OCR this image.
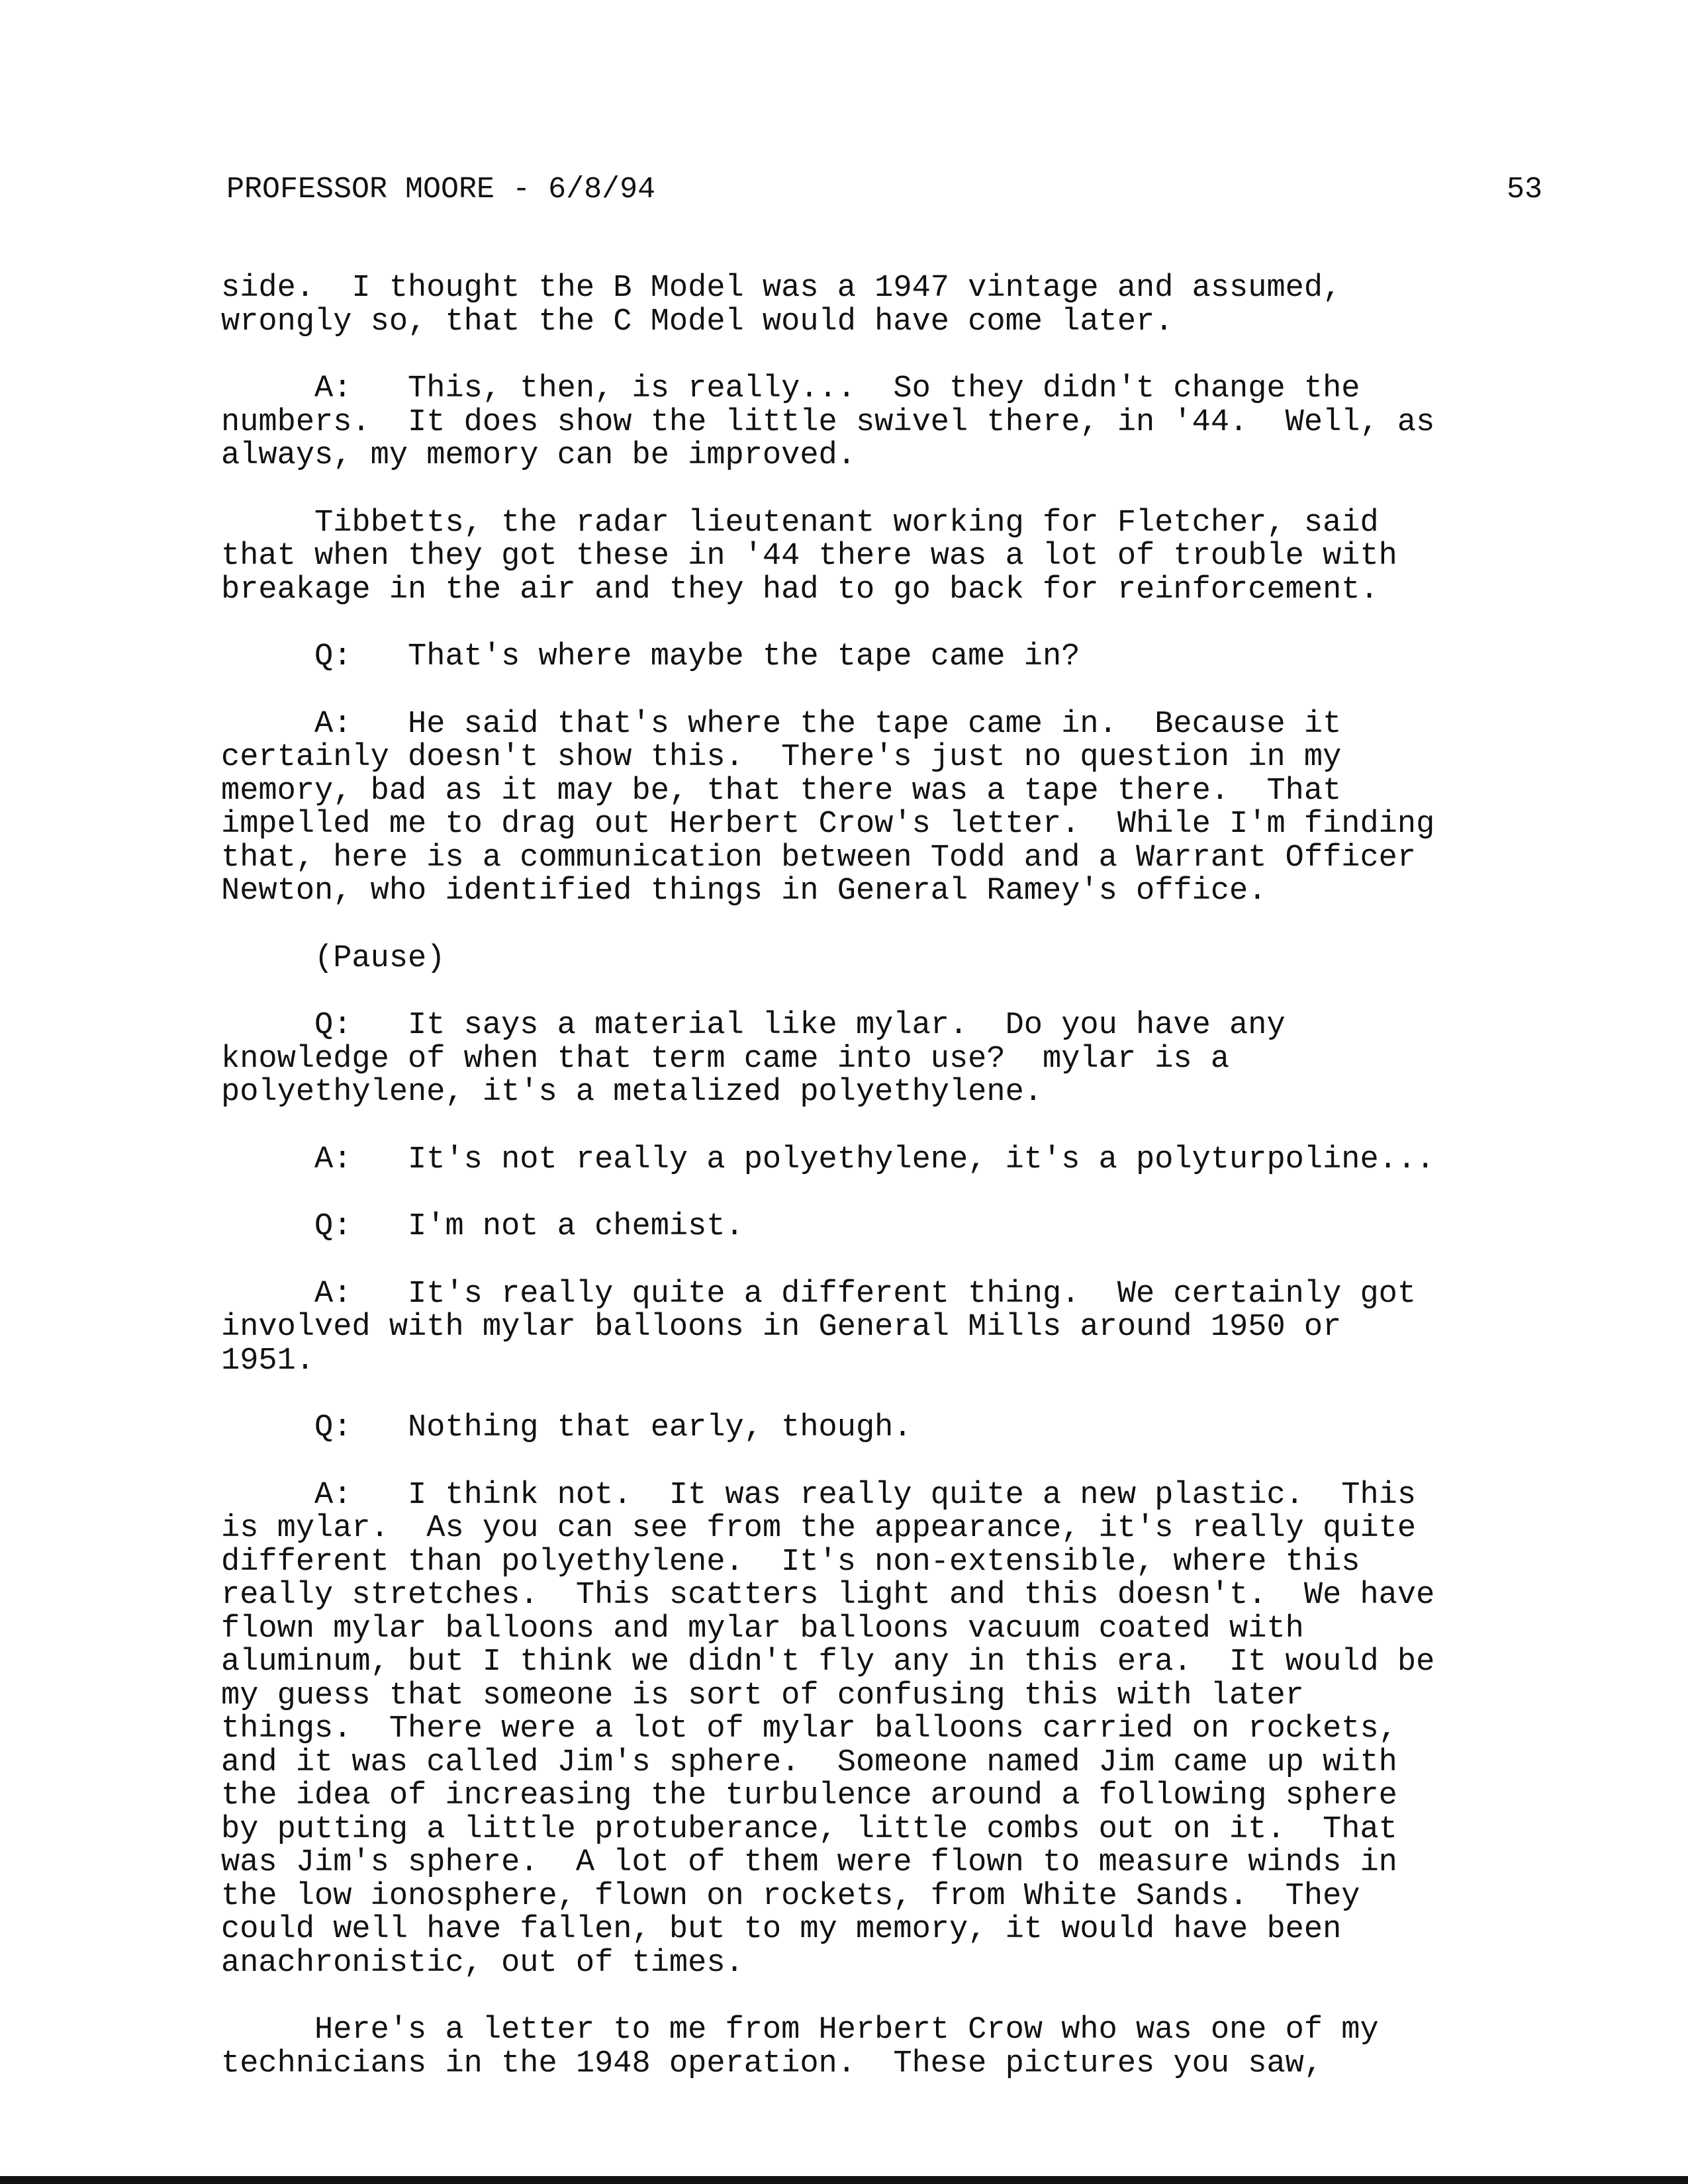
PROFESSOR MOORE - 6/8/94	53
side.  I thought the B Model was a 1947 vintage and assumed,
wrongly so, that the C Model would have come later.
A:   This, then, is really...  So they didn't change the
numbers.  It does show the little swivel there, in '44.  Well, as
always, my memory can be improved.
Tibbetts, the radar lieutenant working for Fletcher, said
that when they got these in '44 there was a lot of trouble with
breakage in the air and they had to go back for reinforcement.
Q:   That's where maybe the tape came in?
A:   He said that's where the tape came in.  Because it
certainly doesn't show this.  There's just no question in my
memory, bad as it may be, that there was a tape there.  That
impelled me to drag out Herbert Crow's letter.  While I'm finding
that, here is a communication between Todd and a Warrant Officer
Newton, who identified things in General Ramey's office.
(Pause)
Q:   It says a material like mylar.  Do you have any
knowledge of when that term came into use?  mylar is a
polyethylene, it's a metalized polyethylene.
A:   It's not really a polyethylene, it's a polyturpoline...
Q:   I'm not a chemist.
A:   It's really quite a different thing.  We certainly got
involved with mylar balloons in General Mills around 1950 or
1951.
Q:   Nothing that early, though.
A:   I think not.  It was really quite a new plastic.  This
is mylar.  As you can see from the appearance, it's really quite
different than polyethylene.  It's non-extensible, where this
really stretches.  This scatters light and this doesn't.  We have
flown mylar balloons and mylar balloons vacuum coated with
aluminum, but I think we didn't fly any in this era.  It would be
my guess that someone is sort of confusing this with later
things.  There were a lot of mylar balloons carried on rockets,
and it was called Jim's sphere.  Someone named Jim came up with
the idea of increasing the turbulence around a following sphere
by putting a little protuberance, little combs out on it.  That
was Jim's sphere.  A lot of them were flown to measure winds in
the low ionosphere, flown on rockets, from White Sands.  They
could well have fallen, but to my memory, it would have been
anachronistic, out of times.
Here's a letter to me from Herbert Crow who was one of my
technicians in the 1948 operation.  These pictures you saw,
